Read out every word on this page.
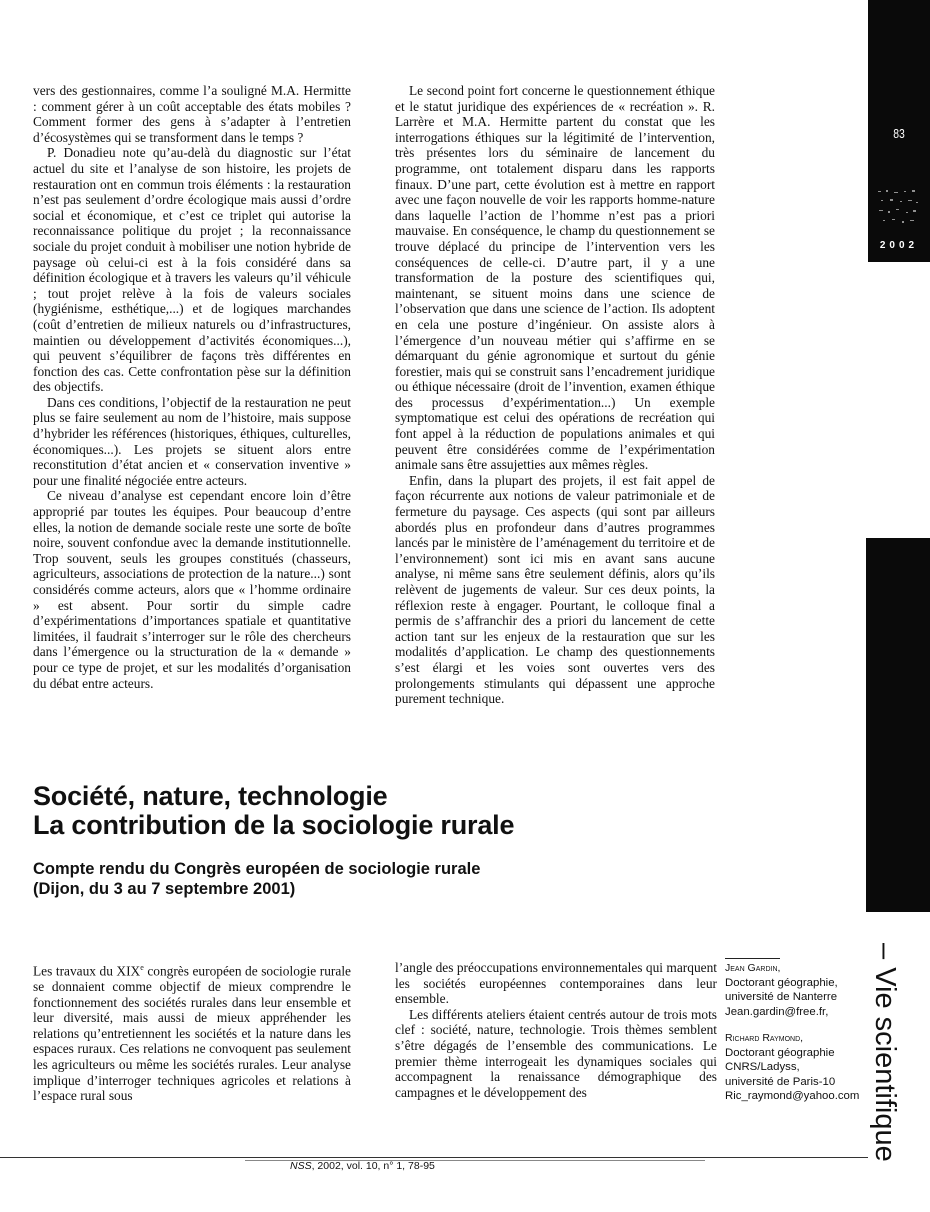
vers des gestionnaires, comme l’a souligné M.A. Hermitte : comment gérer à un coût acceptable des états mobiles ? Comment former des gens à s’adapter à l’entretien d’écosystèmes qui se transforment dans le temps ?

P. Donadieu note qu’au-delà du diagnostic sur l’état actuel du site et l’analyse de son histoire, les projets de restauration ont en commun trois éléments : la restauration n’est pas seulement d’ordre écologique mais aussi d’ordre social et économique, et c’est ce triplet qui autorise la reconnaissance politique du projet ; la reconnaissance sociale du projet conduit à mobiliser une notion hybride de paysage où celui-ci est à la fois considéré dans sa définition écologique et à travers les valeurs qu’il véhicule ; tout projet relève à la fois de valeurs sociales (hygiénisme, esthétique,...) et de logiques marchandes (coût d’entretien de milieux naturels ou d’infrastructures, maintien ou développement d’activités économiques...), qui peuvent s’équilibrer de façons très différentes en fonction des cas. Cette confrontation pèse sur la définition des objectifs.

Dans ces conditions, l’objectif de la restauration ne peut plus se faire seulement au nom de l’histoire, mais suppose d’hybrider les références (historiques, éthiques, culturelles, économiques...). Les projets se situent alors entre reconstitution d’état ancien et « conservation inventive » pour une finalité négociée entre acteurs.

Ce niveau d’analyse est cependant encore loin d’être approprié par toutes les équipes. Pour beaucoup d’entre elles, la notion de demande sociale reste une sorte de boîte noire, souvent confondue avec la demande institutionnelle. Trop souvent, seuls les groupes constitués (chasseurs, agriculteurs, associations de protection de la nature...) sont considérés comme acteurs, alors que « l’homme ordinaire » est absent. Pour sortir du simple cadre d’expérimentations d’importances spatiale et quantitative limitées, il faudrait s’interroger sur le rôle des chercheurs dans l’émergence ou la structuration de la « demande » pour ce type de projet, et sur les modalités d’organisation du débat entre acteurs.

Le second point fort concerne le questionnement éthique et le statut juridique des expériences de « recréation ». R. Larrère et M.A. Hermitte partent du constat que les interrogations éthiques sur la légitimité de l’intervention, très présentes lors du séminaire de lancement du programme, ont totalement disparu dans les rapports finaux. D’une part, cette évolution est à mettre en rapport avec une façon nouvelle de voir les rapports homme-nature dans laquelle l’action de l’homme n’est pas a priori mauvaise. En conséquence, le champ du questionnement se trouve déplacé du principe de l’intervention vers les conséquences de celle-ci. D’autre part, il y a une transformation de la posture des scientifiques qui, maintenant, se situent moins dans une science de l’observation que dans une science de l’action. Ils adoptent en cela une posture d’ingénieur. On assiste alors à l’émergence d’un nouveau métier qui s’affirme en se démarquant du génie agronomique et surtout du génie forestier, mais qui se construit sans l’encadrement juridique ou éthique nécessaire (droit de l’invention, examen éthique des processus d’expérimentation...) Un exemple symptomatique est celui des opérations de recréation qui font appel à la réduction de populations animales et qui peuvent être considérées comme de l’expérimentation animale sans être assujetties aux mêmes règles.

Enfin, dans la plupart des projets, il est fait appel de façon récurrente aux notions de valeur patrimoniale et de fermeture du paysage. Ces aspects (qui sont par ailleurs abordés plus en profondeur dans d’autres programmes lancés par le ministère de l’aménagement du territoire et de l’environnement) sont ici mis en avant sans aucune analyse, ni même sans être seulement définis, alors qu’ils relèvent de jugements de valeur. Sur ces deux points, la réflexion reste à engager. Pourtant, le colloque final a permis de s’affranchir des a priori du lancement de cette action tant sur les enjeux de la restauration que sur les modalités d’application. Le champ des questionnements s’est élargi et les voies sont ouvertes vers des prolongements stimulants qui dépassent une approche purement technique.

Société, nature, technologie
La contribution de la sociologie rurale
Compte rendu du Congrès européen de sociologie rurale
(Dijon, du 3 au 7 septembre 2001)

Les travaux du XIXe congrès européen de sociologie rurale se donnaient comme objectif de mieux comprendre le fonctionnement des sociétés rurales dans leur ensemble et leur diversité, mais aussi de mieux appréhender les relations qu’entretiennent les sociétés et la nature dans les espaces ruraux. Ces relations ne convoquent pas seulement les agriculteurs ou même les sociétés rurales. Leur analyse implique d’interroger techniques agricoles et relations à l’espace rural sous

l’angle des préoccupations environnementales qui marquent les sociétés européennes contemporaines dans leur ensemble.

Les différents ateliers étaient centrés autour de trois mots clef : société, nature, technologie. Trois thèmes semblent s’être dégagés de l’ensemble des communications. Le premier thème interrogeait les dynamiques sociales qui accompagnent la renaissance démographique des campagnes et le développement des

Jean Gardin,
Doctorant géographie,
université de Nanterre
Jean.gardin@free.fr,
Richard Raymond,
Doctorant géographie
CNRS/Ladyss,
université de Paris-10
Ric_raymond@yahoo.com
83
2002
– Vie scientifique
NSS, 2002, vol. 10, n° 1, 78-95
